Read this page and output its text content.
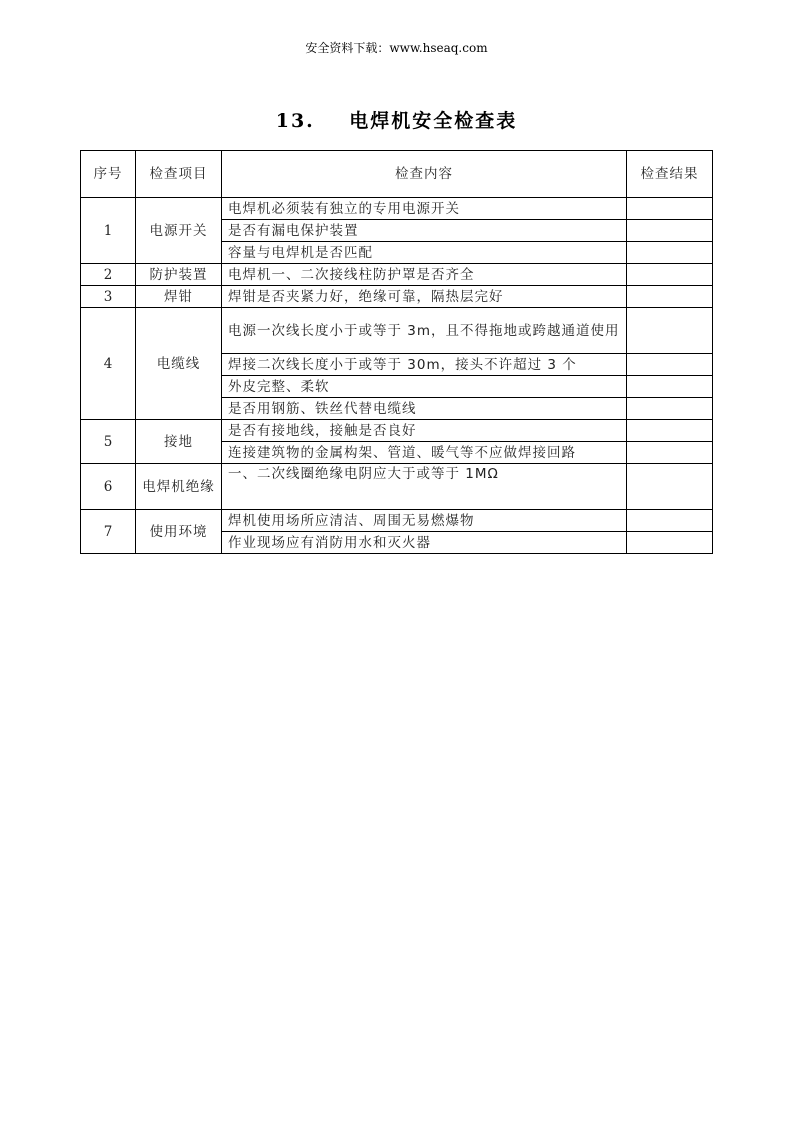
安全资料下载：www.hseaq.com
13.    电焊机安全检查表
序号	检查项目	检查内容	检查结果
1	电源开关	电焊机必须装有独立的专用电源开关	
		是否有漏电保护装置	
		容量与电焊机是否匹配	
2	防护装置	电焊机一、二次接线柱防护罩是否齐全	
3	焊钳	焊钳是否夹紧力好，绝缘可靠，隔热层完好	
4	电缆线	电源一次线长度小于或等于 3m，且不得拖地或跨越通道使用	
		焊接二次线长度小于或等于 30m，接头不许超过 3 个	
		外皮完整、柔软	
		是否用钢筋、铁丝代替电缆线	
5	接地	是否有接地线，接触是否良好	
		连接建筑物的金属构架、管道、暖气等不应做焊接回路	
6	电焊机绝缘	一、二次线圈绝缘电阴应大于或等于 1MΩ	
7	使用环境	焊机使用场所应清洁、周围无易燃爆物	
		作业现场应有消防用水和灭火器	
